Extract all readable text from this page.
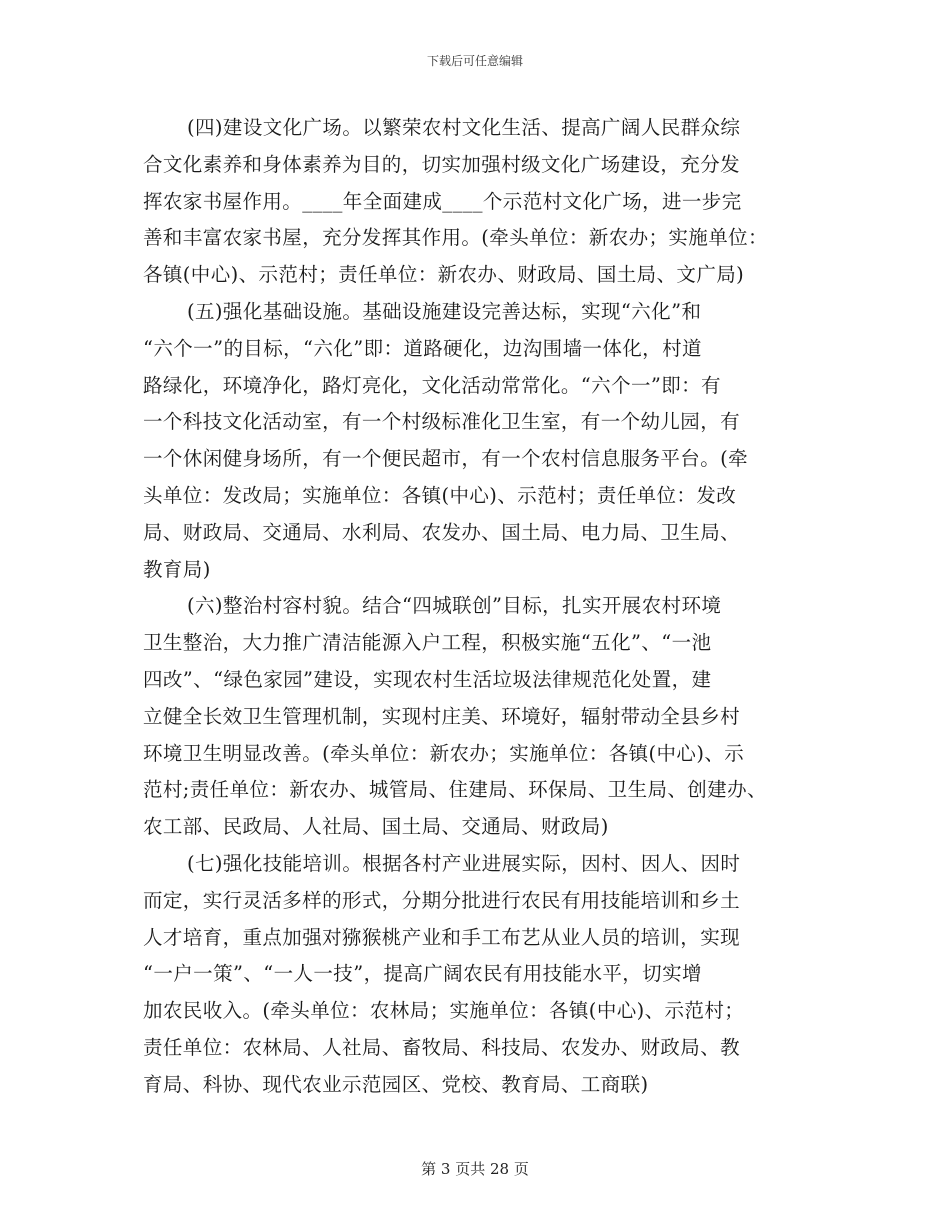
下载后可任意编辑

(四)建设文化广场。以繁荣农村文化生活、提高广阔人民群众综
合文化素养和身体素养为目的，切实加强村级文化广场建设，充分发
挥农家书屋作用。____年全面建成____个示范村文化广场，进一步完
善和丰富农家书屋，充分发挥其作用。(牵头单位：新农办；实施单位：
各镇(中心)、示范村；责任单位：新农办、财政局、国土局、文广局)

(五)强化基础设施。基础设施建设完善达标，实现“六化”和
“六个一”的目标，“六化”即：道路硬化，边沟围墙一体化，村道
路绿化，环境净化，路灯亮化，文化活动常常化。“六个一”即：有
一个科技文化活动室，有一个村级标准化卫生室，有一个幼儿园，有
一个休闲健身场所，有一个便民超市，有一个农村信息服务平台。(牵
头单位：发改局；实施单位：各镇(中心)、示范村；责任单位：发改
局、财政局、交通局、水利局、农发办、国土局、电力局、卫生局、
教育局)

(六)整治村容村貌。结合“四城联创”目标，扎实开展农村环境
卫生整治，大力推广清洁能源入户工程，积极实施“五化”、“一池
四改”、“绿色家园”建设，实现农村生活垃圾法律规范化处置，建
立健全长效卫生管理机制，实现村庄美、环境好，辐射带动全县乡村
环境卫生明显改善。(牵头单位：新农办；实施单位：各镇(中心)、示
范村;责任单位：新农办、城管局、住建局、环保局、卫生局、创建办、
农工部、民政局、人社局、国土局、交通局、财政局)

(七)强化技能培训。根据各村产业进展实际，因村、因人、因时
而定，实行灵活多样的形式，分期分批进行农民有用技能培训和乡土
人才培育，重点加强对猕猴桃产业和手工布艺从业人员的培训，实现
“一户一策”、“一人一技”，提高广阔农民有用技能水平，切实增
加农民收入。(牵头单位：农林局；实施单位：各镇(中心)、示范村；
责任单位：农林局、人社局、畜牧局、科技局、农发办、财政局、教
育局、科协、现代农业示范园区、党校、教育局、工商联)

第 3 页共 28 页
